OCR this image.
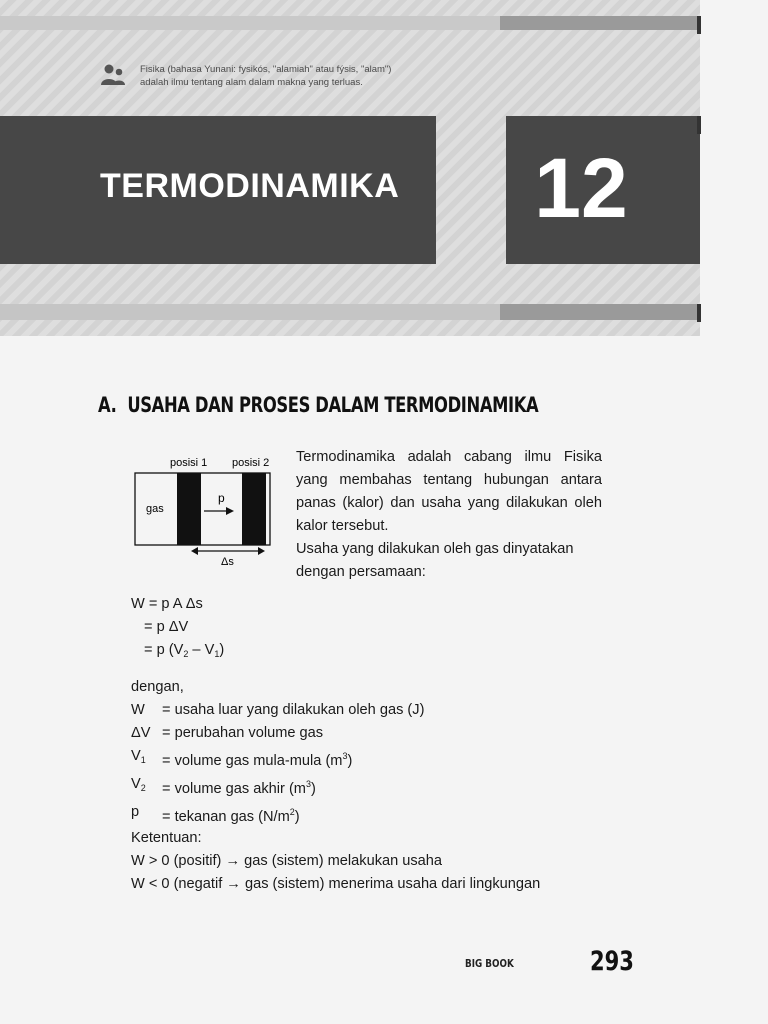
Fisika (bahasa Yunani: fysikós, "alamiah" atau fýsis, "alam")
adalah ilmu tentang alam dalam makna yang terluas.
TERMODINAMIKA	12
A. USAHA DAN PROSES DALAM TERMODINAMIKA
posisi 1 posisi 2
gas
p
Δs

Termodinamika adalah cabang ilmu Fisika yang membahas tentang hubungan antara panas (kalor) dan usaha yang dilakukan oleh kalor tersebut.

Usaha yang dilakukan oleh gas dinyatakan dengan persamaan:

W = p A Δs
= p ΔV
= p $(V_2 - V_1)$
dengan,
W	= usaha luar yang dilakukan oleh gas (J)
ΔV = perubahan volume gas
$V_1$	= volume gas mula-mula $(m^3)$
$V_2$	= volume gas akhir $(m^3)$
p	= tekanan gas $(N/m^2)$
Ketentuan:
W > 0 (positif) → gas (sistem) melakukan usaha
W < 0 (negatif → gas (sistem) menerima usaha dari lingkungan
BIG BOOK	293
